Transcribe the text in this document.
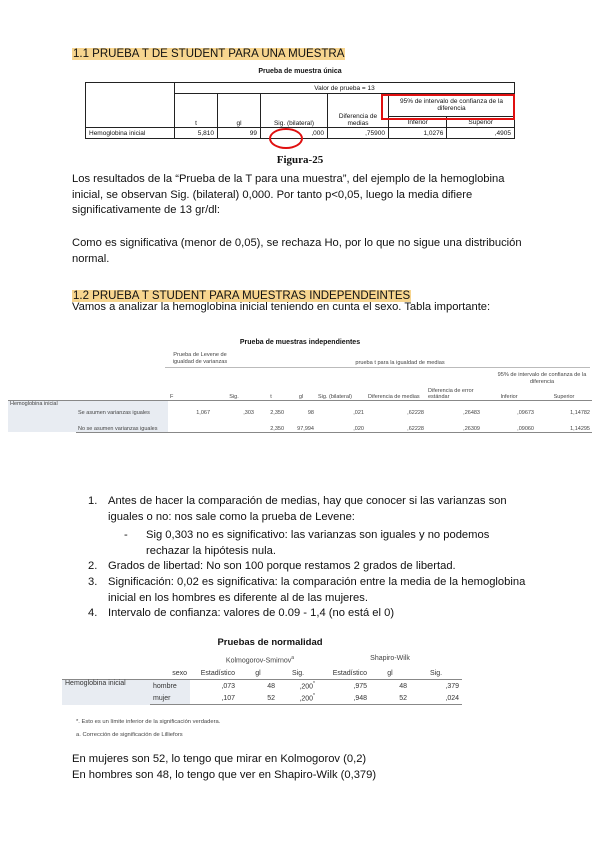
1.1 PRUEBA T DE STUDENT PARA UNA MUESTRA
Prueba de muestra única
	Valor de prueba = 13					
	t	gl	Sig. (bilateral)	Diferencia de medias	95% de intervalo de confianza de la diferencia	
					Inferior	Superior
Hemoglobina inicial	5,810	99	,000	,75900	1,0276	,4905
Figura-25
Los resultados de la “Prueba de la T para una muestra”, del ejemplo de la hemoglobina inicial, se observan Sig. (bilateral) 0,000. Por tanto p<0,05, luego la media difiere significativamente de 13 gr/dl:
Como es significativa (menor de 0,05), se rechaza Ho, por lo que no sigue una distribución normal.
1.2 PRUEBA T STUDENT PARA MUESTRAS INDEPENDEINTES
Vamos a analizar la hemoglobina inicial teniendo en cunta el sexo. Tabla importante:
Prueba de muestras independientes
Prueba de Levene de igualdad de varianzas	prueba t para la igualdad de medias
95% de intervalo de confianza de la diferencia
		F	Sig.	t	gl	Sig. (bilateral)	Diferencia de medias	Diferencia de error estándar	Inferior	Superior
Hemoglobina inicial	Se asumen varianzas iguales	1,067	,303	2,350	98	,021	,62228	,26483	,09673	1,14782
	No se asumen varianzas iguales			2,350	97,994	,020	,62228	,26309	,09060	1,14295
1. Antes de hacer la comparación de medias, hay que conocer si las varianzas son iguales o no: nos sale como la prueba de Levene:
-	Sig 0,303 no es significativo: las varianzas son iguales y no podemos rechazar la hipótesis nula.
2. Grados de libertad: No son 100 porque restamos 2 grados de libertad.
3. Significación: 0,02 es significativa: la comparación entre la media de la hemoglobina inicial en los hombres es diferente al de las mujeres.
4. Intervalo de confianza: valores de 0.09 - 1,4 (no está el 0)
Pruebas de normalidad
Kolmogorov-Smirnov$^a$	Shapiro-Wilk
	sexo	Estadístico	gl	Sig.	Estadístico	gl	Sig.
Hemoglobina inicial	hombre	,073	48	,200*	,975	48	,379
	mujer	,107	52	,200*	,948	52	,024
*. Esto es un límite inferior de la significación verdadera.
a. Corrección de significación de Lilliefors
En mujeres son 52, lo tengo que mirar en Kolmogorov (0,2)
En hombres son 48, lo tengo que ver en Shapiro-Wilk (0,379)
